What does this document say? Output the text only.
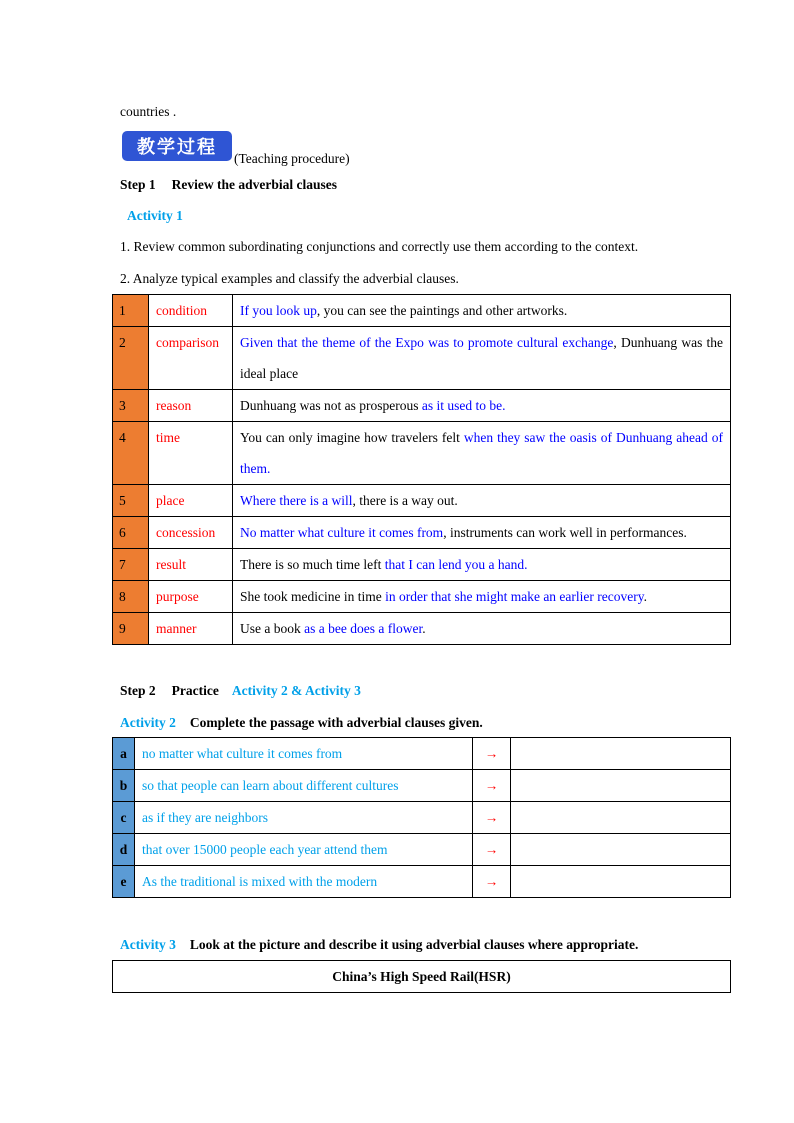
countries .
教学过程
(Teaching procedure)
Step 1 Review the adverbial clauses
Activity 1
1. Review common subordinating conjunctions and correctly use them according to the context.
2. Analyze typical examples and classify the adverbial clauses.
1	condition	If you look up, you can see the paintings and other artworks.
2	comparison	Given that the theme of the Expo was to promote cultural exchange, Dunhuang was the ideal place
3	reason	Dunhuang was not as prosperous as it used to be.
4	time	You can only imagine how travelers felt when they saw the oasis of Dunhuang ahead of them.
5	place	Where there is a will, there is a way out.
6	concession	No matter what culture it comes from, instruments can work well in performances.
7	result	There is so much time left that I can lend you a hand.
8	purpose	She took medicine in time in order that she might make an earlier recovery.
9	manner	Use a book as a bee does a flower.
Step 2 Practice Activity 2 & Activity 3
Activity 2 Complete the passage with adverbial clauses given.
a	no matter what culture it comes from	→	
b	so that people can learn about different cultures	→	
c	as if they are neighbors	→	
d	that over 15000 people each year attend them	→	
e	As the traditional is mixed with the modern	→	
Activity 3 Look at the picture and describe it using adverbial clauses where appropriate.
China’s High Speed Rail(HSR)
